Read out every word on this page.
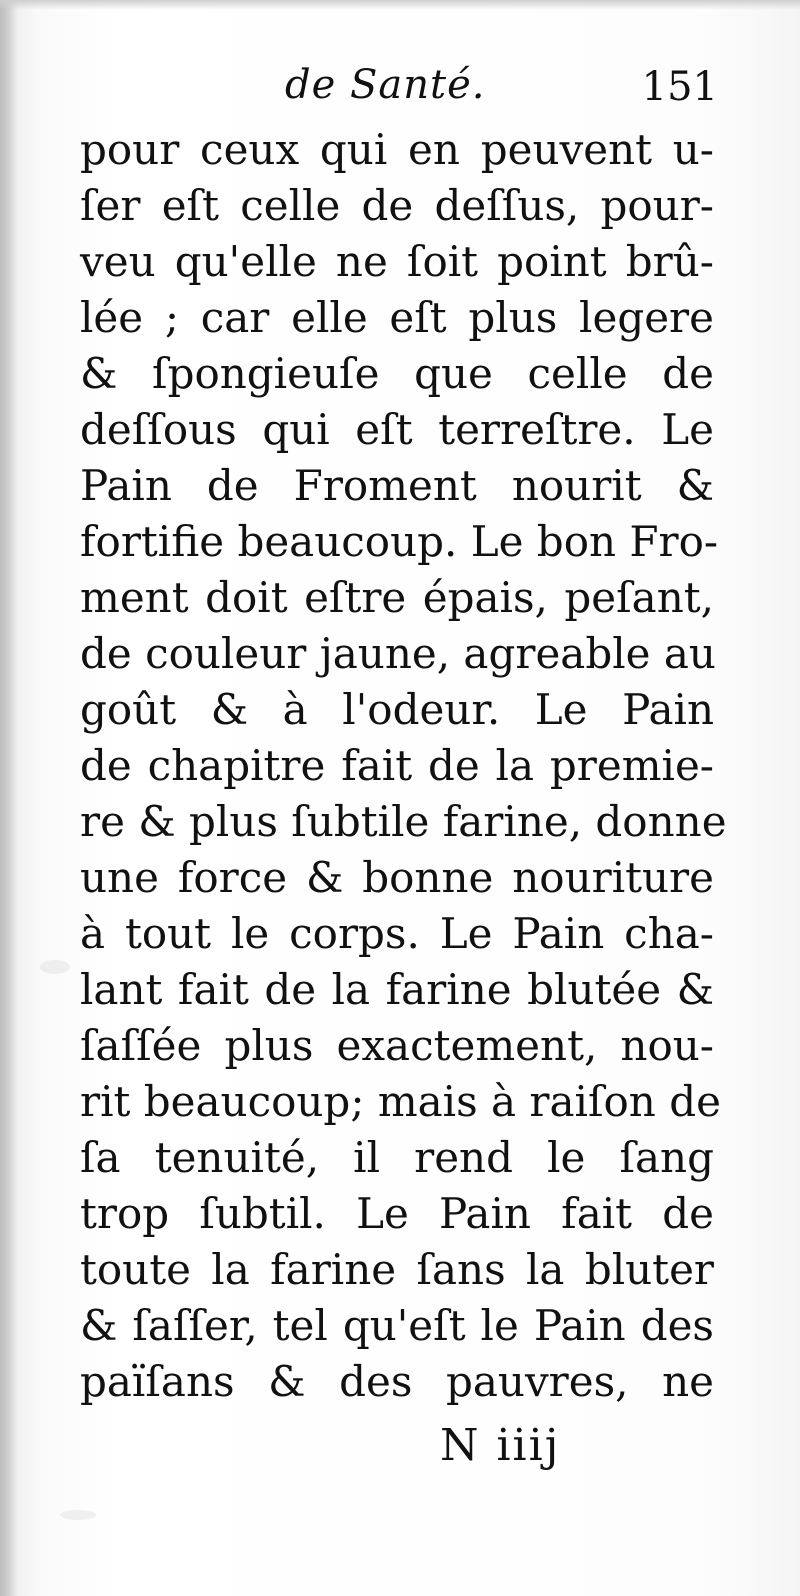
de Santé.	151
pour ceux qui en peuvent u-
ſer eſt celle de deſſus, pour-
veu qu'elle ne ſoit point brû-
lée ; car elle eſt plus legere
& ſpongieuſe que celle de
deſſous qui eſt terreſtre. Le
Pain de Froment nourit &
fortifie beaucoup. Le bon Fro-
ment doit eſtre épais, peſant,
de couleur jaune, agreable au
goût & à l'odeur. Le Pain
de chapitre fait de la premie-
re & plus ſubtile farine, donne
une force & bonne nouriture
à tout le corps. Le Pain cha-
lant fait de la farine blutée &
ſaſſée plus exactement, nou-
rit beaucoup; mais à raiſon de
ſa tenuité, il rend le ſang
trop ſubtil. Le Pain fait de
toute la farine ſans la bluter
& ſaſſer, tel qu'eſt le Pain des
païſans & des pauvres, ne
N iiij
